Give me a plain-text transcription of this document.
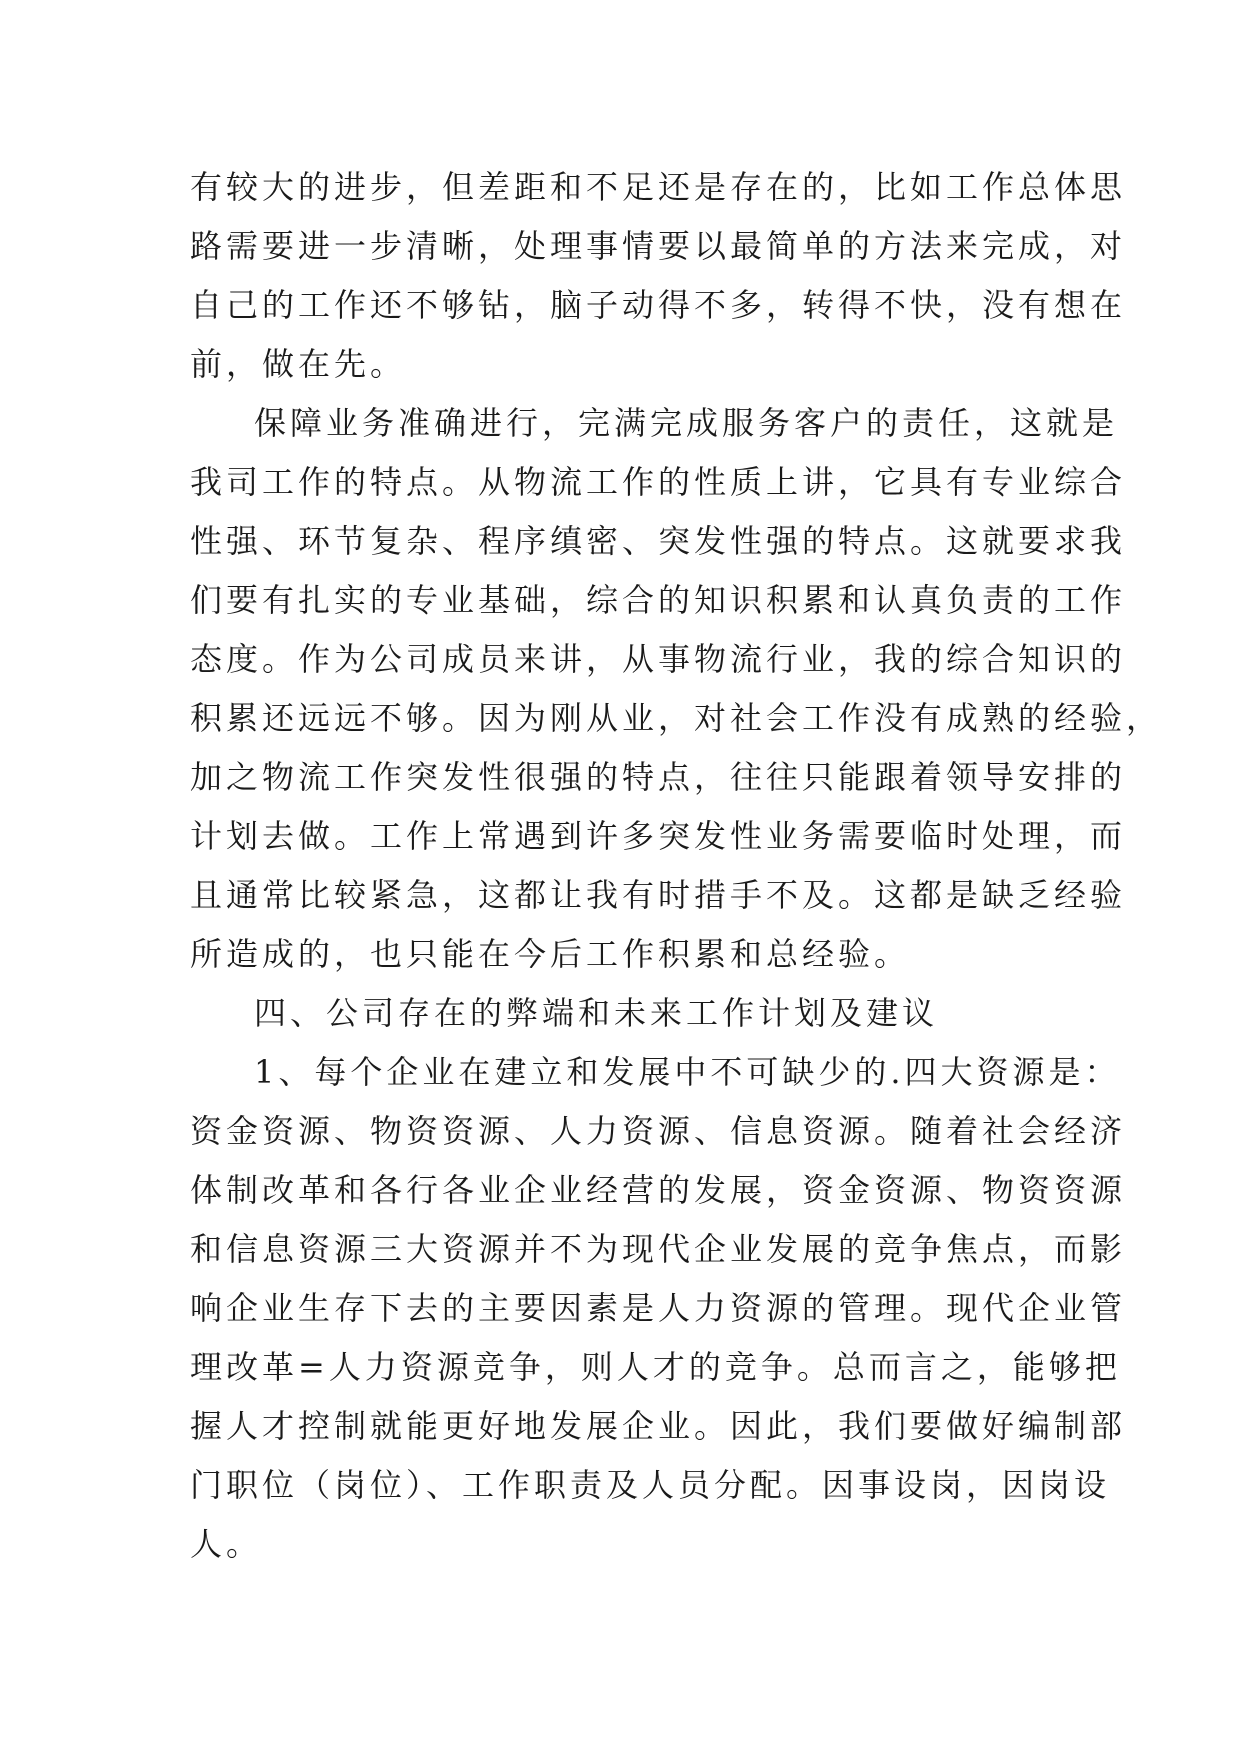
有较大的进步，但差距和不足还是存在的，比如工作总体思
路需要进一步清晰，处理事情要以最简单的方法来完成，对
自己的工作还不够钻，脑子动得不多，转得不快，没有想在
前，做在先。
保障业务准确进行，完满完成服务客户的责任，这就是
我司工作的特点。从物流工作的性质上讲，它具有专业综合
性强、环节复杂、程序缜密、突发性强的特点。这就要求我
们要有扎实的专业基础，综合的知识积累和认真负责的工作
态度。作为公司成员来讲，从事物流行业，我的综合知识的
积累还远远不够。因为刚从业，对社会工作没有成熟的经验，
加之物流工作突发性很强的特点，往往只能跟着领导安排的
计划去做。工作上常遇到许多突发性业务需要临时处理，而
且通常比较紧急，这都让我有时措手不及。这都是缺乏经验
所造成的，也只能在今后工作积累和总经验。
四、公司存在的弊端和未来工作计划及建议
1、每个企业在建立和发展中不可缺少的.四大资源是：
资金资源、物资资源、人力资源、信息资源。随着社会经济
体制改革和各行各业企业经营的发展，资金资源、物资资源
和信息资源三大资源并不为现代企业发展的竞争焦点，而影
响企业生存下去的主要因素是人力资源的管理。现代企业管
理改革=人力资源竞争，则人才的竞争。总而言之，能够把
握人才控制就能更好地发展企业。因此，我们要做好编制部
门职位（岗位）、工作职责及人员分配。因事设岗，因岗设
人。
